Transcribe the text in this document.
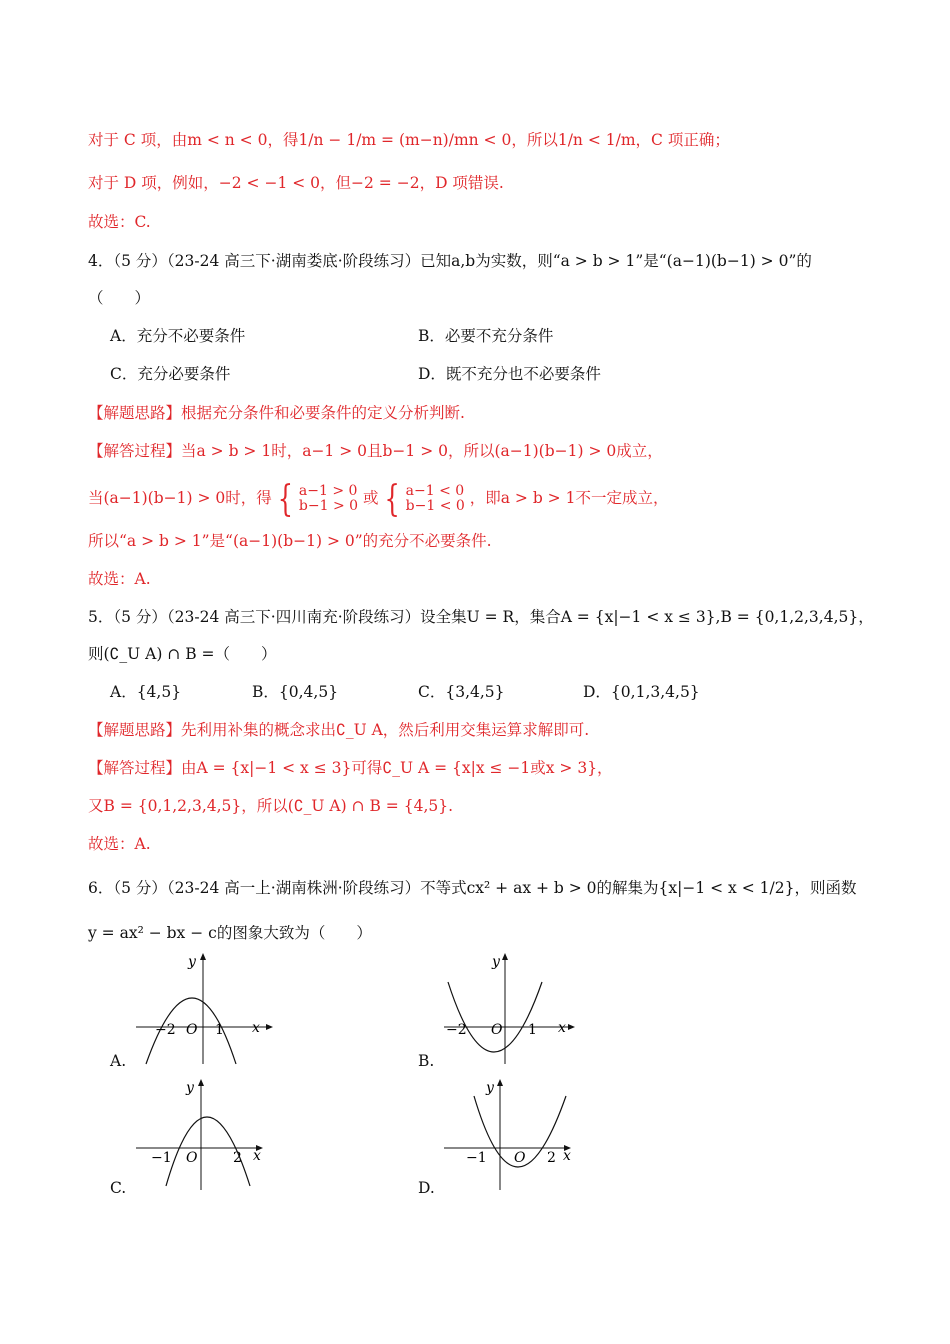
对于 C 项，由m < n < 0，得1/n − 1/m = (m−n)/mn < 0，所以1/n < 1/m，C 项正确；
对于 D 项，例如，−2 < −1 < 0，但−2 = −2，D 项错误.
故选：C.
4．（5 分）（23-24 高三下·湖南娄底·阶段练习）已知a,b为实数，则“a > b > 1”是“(a−1)(b−1) > 0”的
（　　）
A．充分不必要条件	B．必要不充分条件
C．充分必要条件	D．既不充分也不必要条件
【解题思路】根据充分条件和必要条件的定义分析判断.
【解答过程】当a > b > 1时，a−1 > 0且b−1 > 0，所以(a−1)(b−1) > 0成立，
当(a−1)(b−1) > 0时，得 { a−1 > 0
b−1 > 0 或 { a−1 < 0
b−1 < 0 ，即a > b > 1不一定成立，
所以“a > b > 1”是“(a−1)(b−1) > 0”的充分不必要条件.
故选：A.
5．（5 分）（23-24 高三下·四川南充·阶段练习）设全集U = R，集合A = {x|−1 < x ≤ 3},B = {0,1,2,3,4,5}，
则(∁_U A) ∩ B =（　　）
A．{4,5}	B．{0,4,5}	C．{3,4,5}	D．{0,1,3,4,5}
【解题思路】先利用补集的概念求出∁_U A，然后利用交集运算求解即可.
【解答过程】由A = {x|−1 < x ≤ 3}可得∁_U A = {x|x ≤ −1或x > 3}，
又B = {0,1,2,3,4,5}，所以(∁_U A) ∩ B = {4,5}.
故选：A.
6．（5 分）（23-24 高一上·湖南株洲·阶段练习）不等式cx² + ax + b > 0的解集为{x|−1 < x < 1/2}，则函数
y = ax² − bx − c的图象大致为（　　）
x
y
−2 O 1
A.
x
y
−2 O 1
B.
x
y
−1 O	2
C.
x
y
−1 O 2
D.
